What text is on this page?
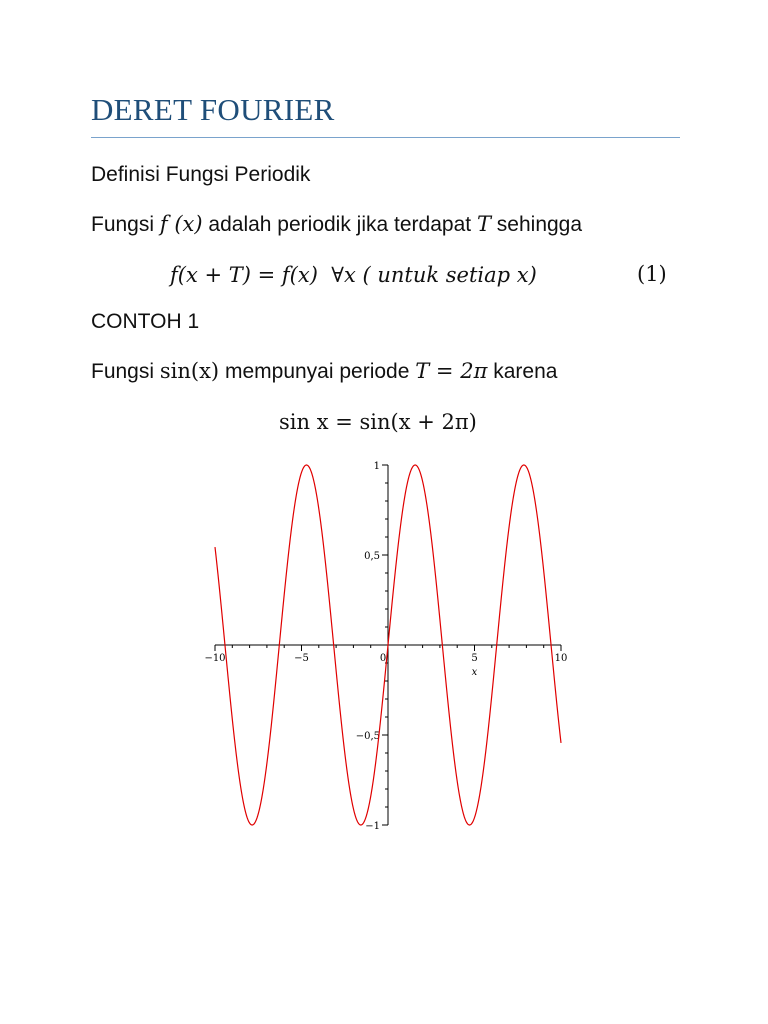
DERET FOURIER
Definisi Fungsi Periodik
Fungsi f (x) adalah periodik jika terdapat T sehingga
f(x + T) = f(x) ∀x ( untuk setiap x)	(1)
CONTOH 1
Fungsi sin(x) mempunyai periode T = 2π karena
sin x = sin(x + 2π)
−10	−5	0	5	10
x
1
0,5
−0,5
−1
